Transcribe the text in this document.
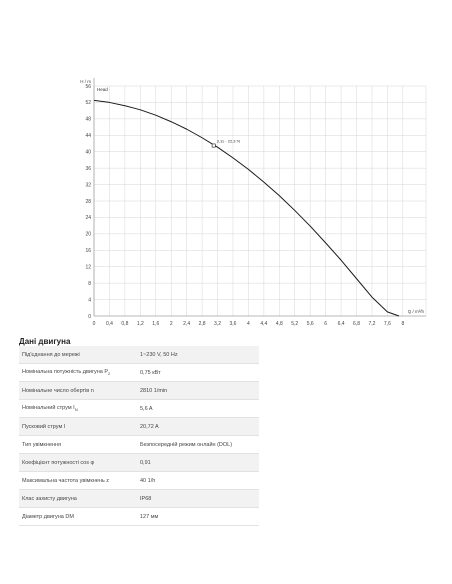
0 0,4 0,8 1,2 1,6 2 2,4 2,8 3,2 3,6 4 4,4 4,8 5,2 5,6 6 6,4 6,8 7,2 7,6 8
0
4
8
12
16
20
24
28
32
36
40
44
48
52
56 Head
3,11 · 22,3 %
H / m
Q / m³/h
Дані двигуна
Під'єднання до мережі	1~230 V, 50 Hz
Номінальна потужність двигуна $P_2$	0,75 кВт
Номінальне число обертів n	2810 1/min
Номінальний струм $I_N$	5,6 A
Пусковий струм I	20,72 A
Тип увімкнення	Безпосередній режим онлайн (DOL)
Коефіцієнт потужності cos φ	0,91
Максимальна частота увімкнень z	40 1/h
Клас захисту двигуна	IP68
Діаметр двигуна DM	127 мм
